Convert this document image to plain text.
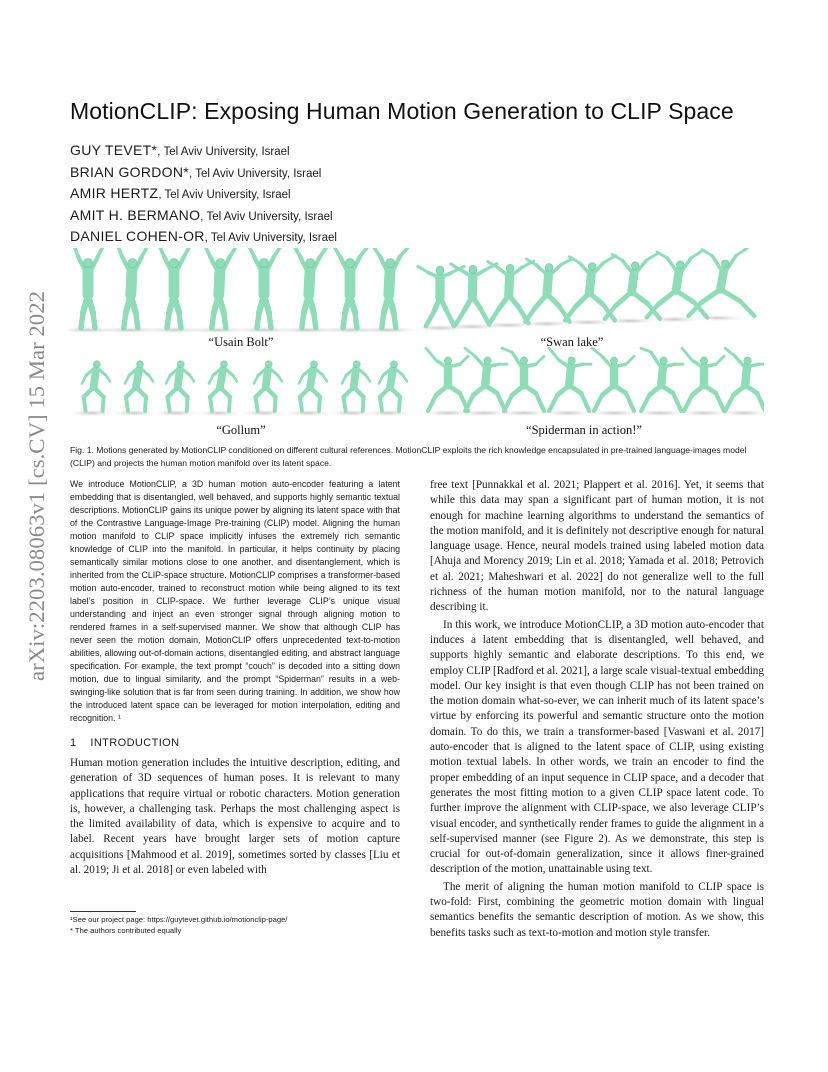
arXiv:2203.08063v1 [cs.CV] 15 Mar 2022
MotionCLIP: Exposing Human Motion Generation to CLIP Space
GUY TEVET*, Tel Aviv University, Israel
BRIAN GORDON*, Tel Aviv University, Israel
AMIR HERTZ, Tel Aviv University, Israel
AMIT H. BERMANO, Tel Aviv University, Israel
DANIEL COHEN-OR, Tel Aviv University, Israel
“Usain Bolt”	“Swan lake”
“Gollum”	“Spiderman in action!”
Fig. 1. Motions generated by MotionCLIP conditioned on different cultural references. MotionCLIP exploits the rich knowledge encapsulated in pre-trained language-images model (CLIP) and projects the human motion manifold over its latent space.
We introduce MotionCLIP, a 3D human motion auto-encoder featuring a latent embedding that is disentangled, well behaved, and supports highly semantic textual descriptions. MotionCLIP gains its unique power by aligning its latent space with that of the Contrastive Language-Image Pre-training (CLIP) model. Aligning the human motion manifold to CLIP space implicitly infuses the extremely rich semantic knowledge of CLIP into the manifold. In particular, it helps continuity by placing semantically similar motions close to one another, and disentanglement, which is inherited from the CLIP-space structure. MotionCLIP comprises a transformer-based motion auto-encoder, trained to reconstruct motion while being aligned to its text label’s position in CLIP-space. We further leverage CLIP’s unique visual understanding and inject an even stronger signal through aligning motion to rendered frames in a self-supervised manner. We show that although CLIP has never seen the motion domain, MotionCLIP offers unprecedented text-to-motion abilities, allowing out-of-domain actions, disentangled editing, and abstract language specification. For example, the text prompt “couch” is decoded into a sitting down motion, due to lingual similarity, and the prompt “Spiderman” results in a web-swinging-like solution that is far from seen during training. In addition, we show how the introduced latent space can be leveraged for motion interpolation, editing and recognition. ¹
1 INTRODUCTION
Human motion generation includes the intuitive description, editing, and generation of 3D sequences of human poses. It is relevant to many applications that require virtual or robotic characters. Motion generation is, however, a challenging task. Perhaps the most challenging aspect is the limited availability of data, which is expensive to acquire and to label. Recent years have brought larger sets of motion capture acquisitions [Mahmood et al. 2019], sometimes sorted by classes [Liu et al. 2019; Ji et al. 2018] or even labeled with
¹See our project page: https://guytevet.github.io/motionclip-page/
* The authors contributed equally

free text [Punnakkal et al. 2021; Plappert et al. 2016]. Yet, it seems that while this data may span a significant part of human motion, it is not enough for machine learning algorithms to understand the semantics of the motion manifold, and it is definitely not descriptive enough for natural language usage. Hence, neural models trained using labeled motion data [Ahuja and Morency 2019; Lin et al. 2018; Yamada et al. 2018; Petrovich et al. 2021; Maheshwari et al. 2022] do not generalize well to the full richness of the human motion manifold, nor to the natural language describing it.

In this work, we introduce MotionCLIP, a 3D motion auto-encoder that induces a latent embedding that is disentangled, well behaved, and supports highly semantic and elaborate descriptions. To this end, we employ CLIP [Radford et al. 2021], a large scale visual-textual embedding model. Our key insight is that even though CLIP has not been trained on the motion domain what-so-ever, we can inherit much of its latent space’s virtue by enforcing its powerful and semantic structure onto the motion domain. To do this, we train a transformer-based [Vaswani et al. 2017] auto-encoder that is aligned to the latent space of CLIP, using existing motion textual labels. In other words, we train an encoder to find the proper embedding of an input sequence in CLIP space, and a decoder that generates the most fitting motion to a given CLIP space latent code. To further improve the alignment with CLIP-space, we also leverage CLIP’s visual encoder, and synthetically render frames to guide the alignment in a self-supervised manner (see Figure 2). As we demonstrate, this step is crucial for out-of-domain generalization, since it allows finer-grained description of the motion, unattainable using text.

The merit of aligning the human motion manifold to CLIP space is two-fold: First, combining the geometric motion domain with lingual semantics benefits the semantic description of motion. As we show, this benefits tasks such as text-to-motion and motion style transfer.
